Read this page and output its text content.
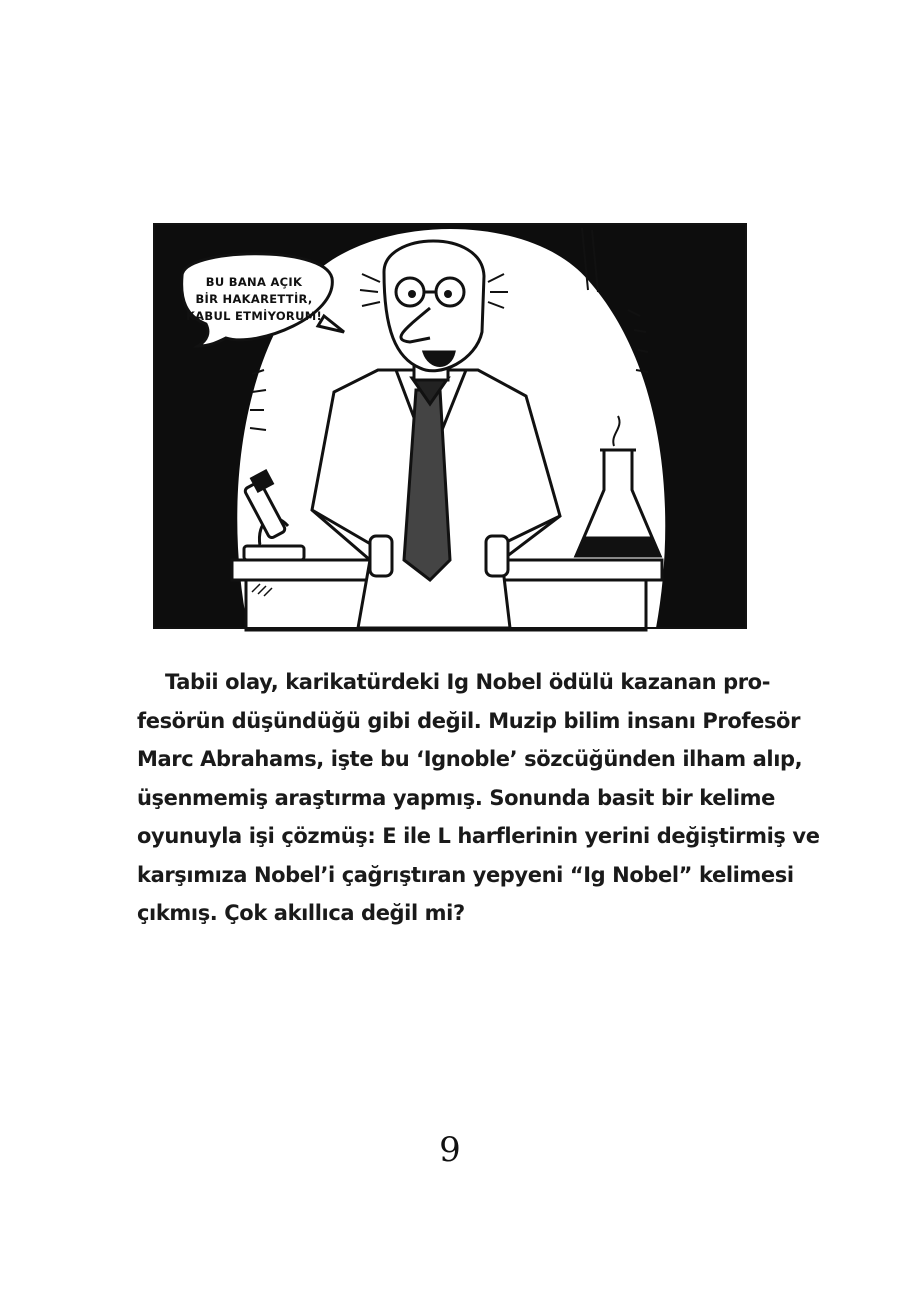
BU BANA AÇIK
BİR HAKARETTİR,
KABUL ETMİYORUM!

Tabii olay, karikatürdeki Ig Nobel ödülü kazanan pro-
fesörün düşündüğü gibi değil. Muzip bilim insanı Profesör
Marc Abrahams, işte bu ‘Ignoble’ sözcüğünden ilham alıp,
üşenmemiş araştırma yapmış. Sonunda basit bir kelime
oyunuyla işi çözmüş: E ile L harflerinin yerini değiştirmiş ve
karşımıza Nobel’i çağrıştıran yepyeni “Ig Nobel” kelimesi
çıkmış. Çok akıllıca değil mi?

9
